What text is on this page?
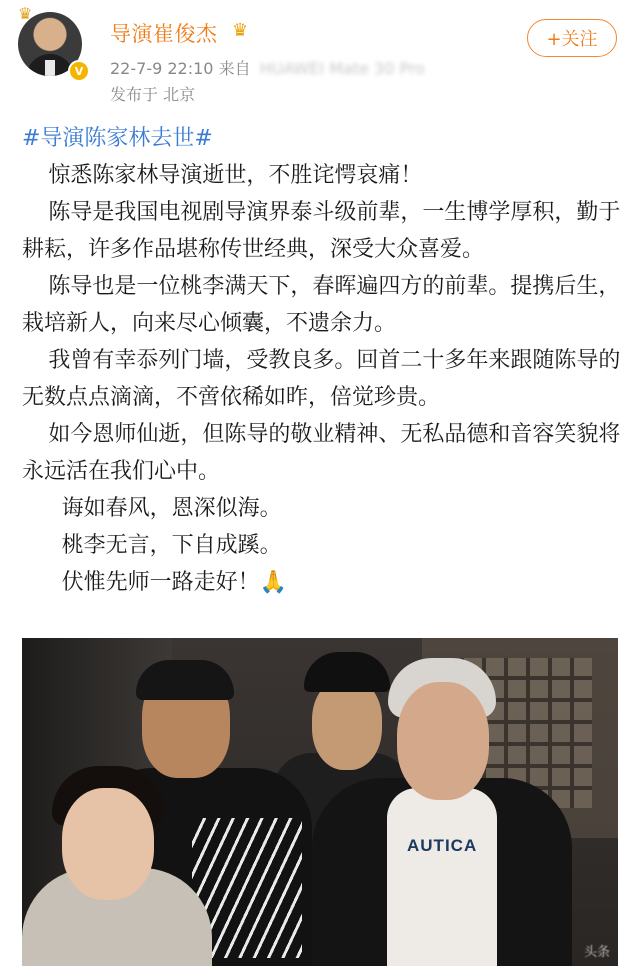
♛
V
导演崔俊杰 ♛
22-7-9 22:10 来自 HUAWEI Mate 30 Pro
发布于 北京
+关注
#导演陈家林去世#

惊悉陈家林导演逝世，不胜诧愕哀痛！

陈导是我国电视剧导演界泰斗级前辈，一生博学厚积，勤于耕耘，许多作品堪称传世经典，深受大众喜爱。

陈导也是一位桃李满天下，春晖遍四方的前辈。提携后生，栽培新人，向来尽心倾囊，不遗余力。

我曾有幸忝列门墙，受教良多。回首二十多年来跟随陈导的无数点点滴滴，不啻依稀如昨，倍觉珍贵。

如今恩师仙逝，但陈导的敬业精神、无私品德和音容笑貌将永远活在我们心中。

诲如春风，恩深似海。

桃李无言，下自成蹊。

伏惟先师一路走好！🙏

AUTICA
头条
